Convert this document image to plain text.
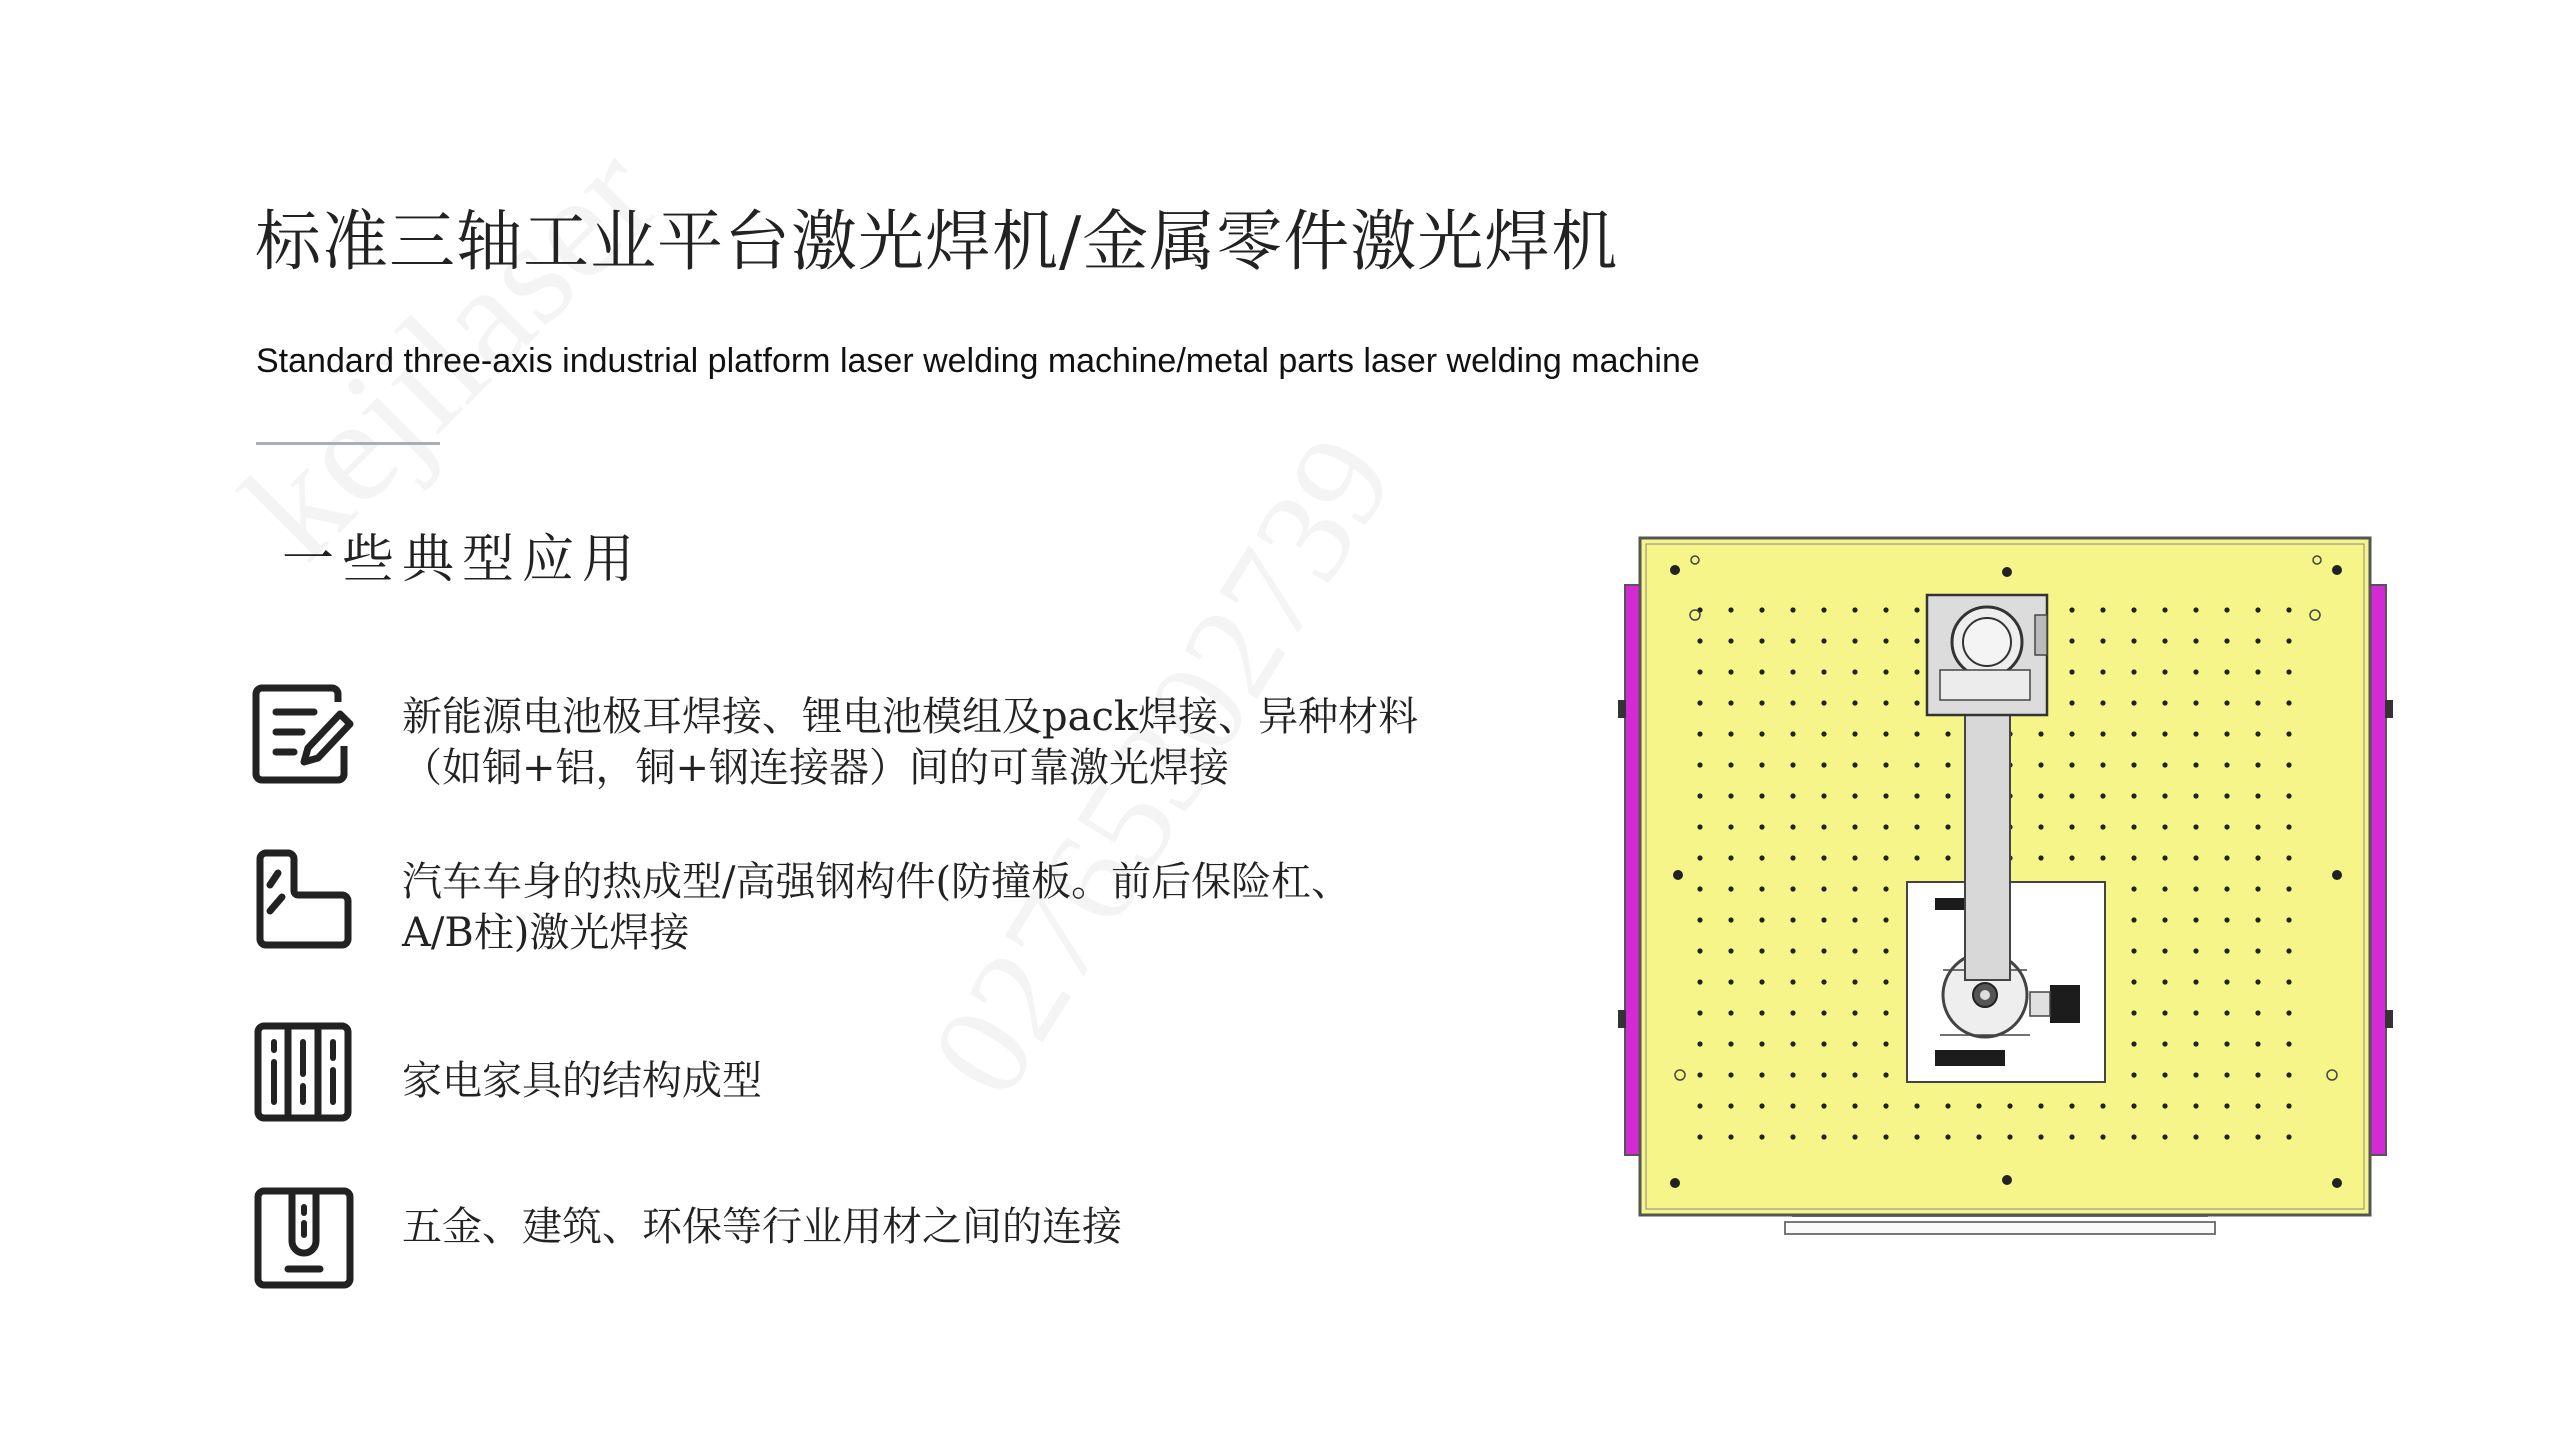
标准三轴工业平台激光焊机/金属零件激光焊机
Standard three-axis industrial platform laser welding machine/metal parts laser welding machine
一些典型应用
新能源电池极耳焊接、锂电池模组及pack焊接、异种材料
（如铜+铝，铜+钢连接器）间的可靠激光焊接
汽车车身的热成型/高强钢构件(防撞板。前后保险杠、
A/B柱)激光焊接
家电家具的结构成型
五金、建筑、环保等行业用材之间的连接
